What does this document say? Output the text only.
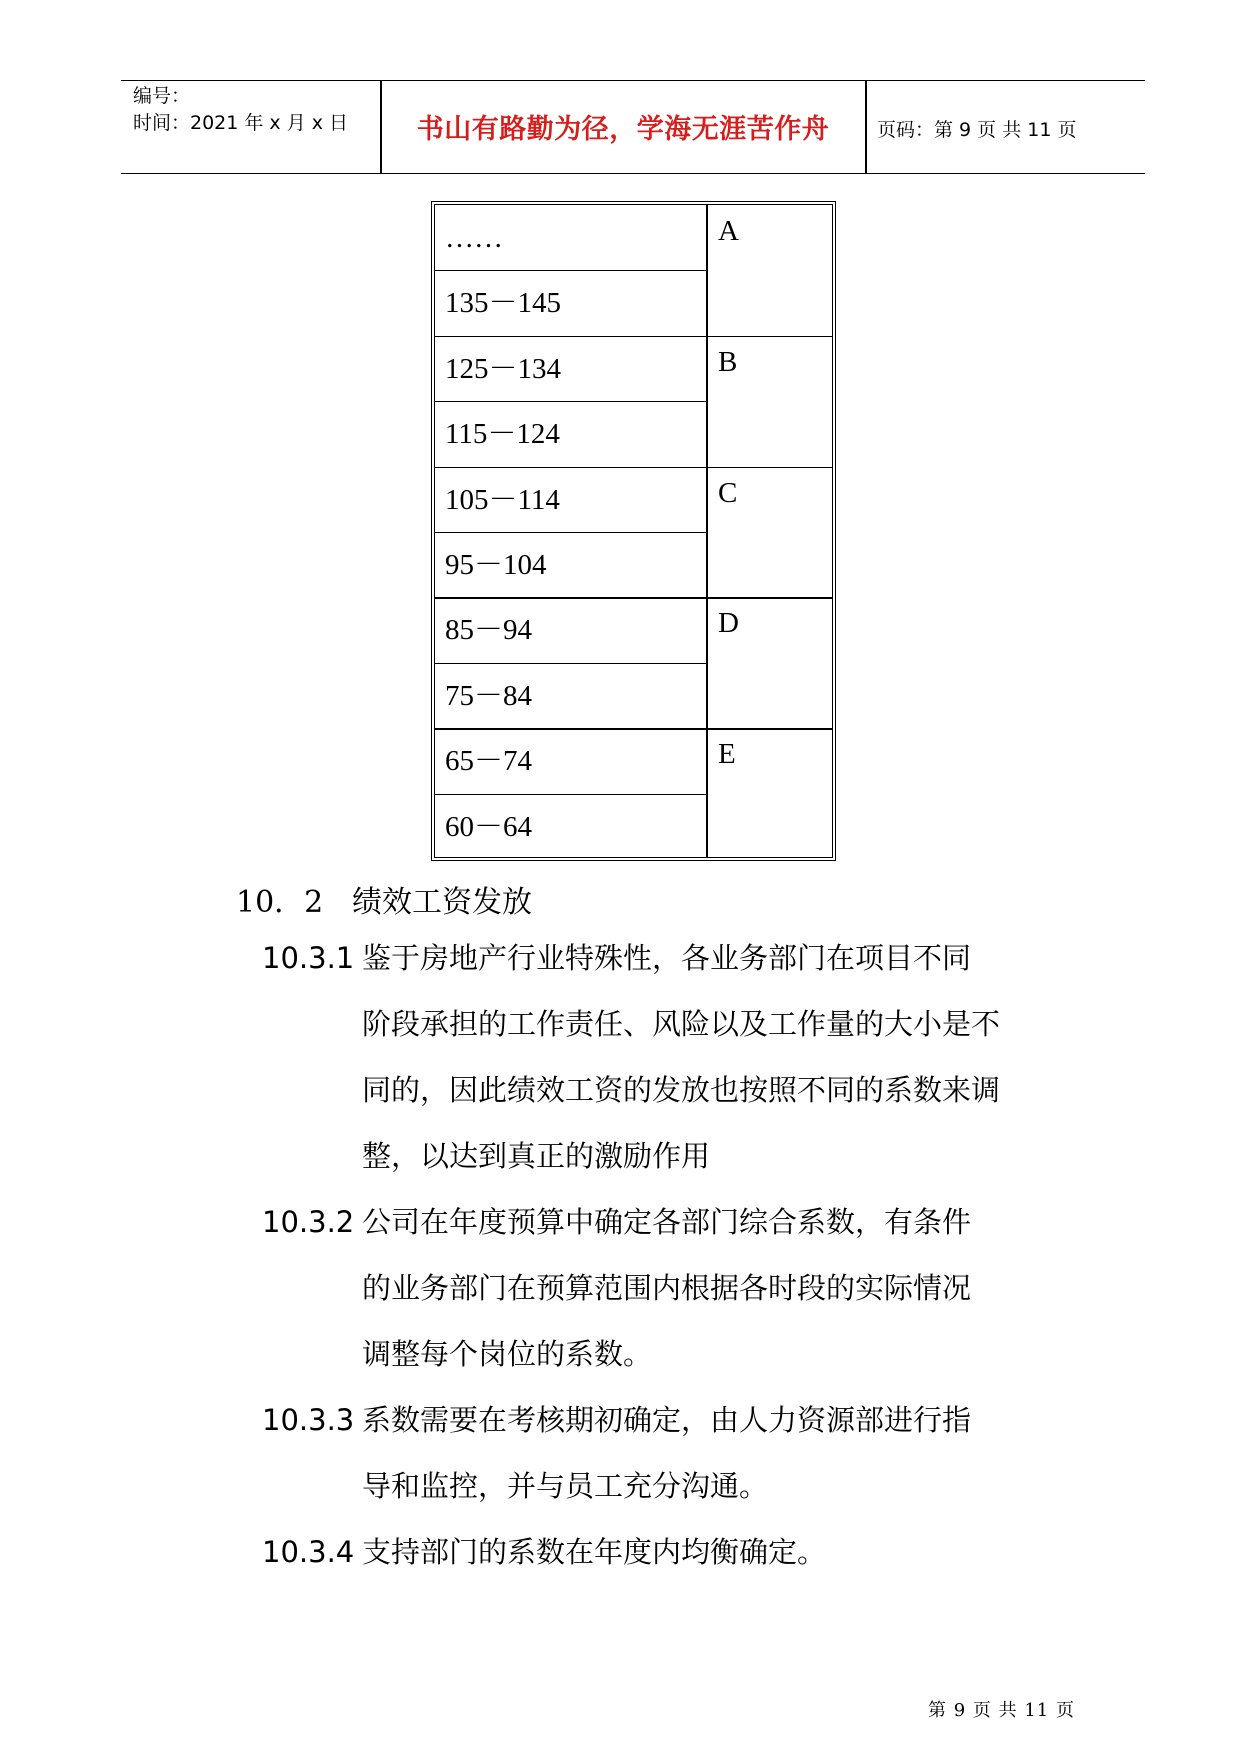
编号：
时间：2021 年 x 月 x 日	书山有路勤为径，学海无涯苦作舟	页码：第 9 页 共 11 页
A
……
135－145
B
125－134
115－124
C
105－114
95－104
D
85－94
75－84
E
65－74
60－64
10．2 绩效工资发放
10.3.1 鉴于房地产行业特殊性，各业务部门在项目不同
阶段承担的工作责任、风险以及工作量的大小是不
同的，因此绩效工资的发放也按照不同的系数来调
整，以达到真正的激励作用
10.3.2 公司在年度预算中确定各部门综合系数，有条件
的业务部门在预算范围内根据各时段的实际情况
调整每个岗位的系数。
10.3.3 系数需要在考核期初确定，由人力资源部进行指
导和监控，并与员工充分沟通。
10.3.4 支持部门的系数在年度内均衡确定。
第 9 页 共 11 页
